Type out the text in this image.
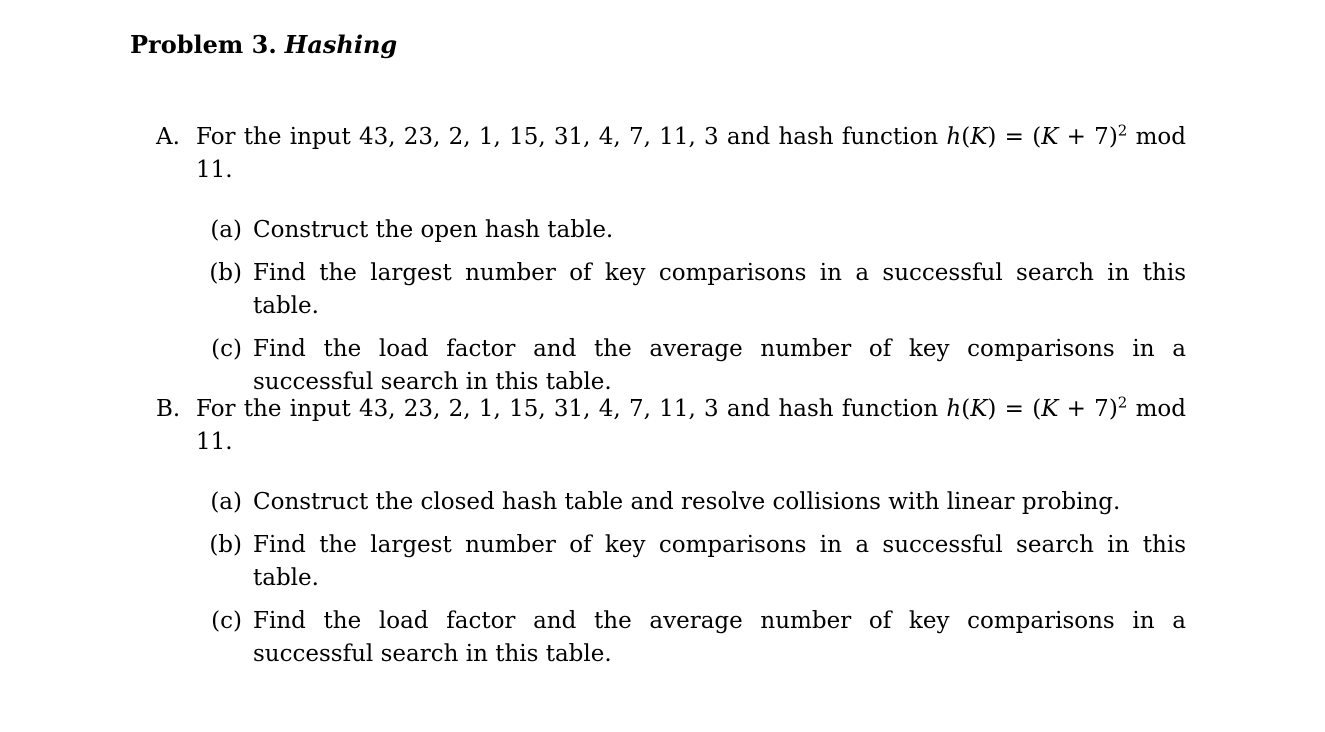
Problem 3. Hashing
A. For the input 43, 23, 2, 1, 15, 31, 4, 7, 11, 3 and hash function $h(K) = (K + 7)^2$ mod 11.
(a) Construct the open hash table.
(b) Find the largest number of key comparisons in a successful search in this table.
(c) Find the load factor and the average number of key comparisons in a successful search in this table.
B. For the input 43, 23, 2, 1, 15, 31, 4, 7, 11, 3 and hash function $h(K) = (K + 7)^2$ mod 11.
(a) Construct the closed hash table and resolve collisions with linear probing.
(b) Find the largest number of key comparisons in a successful search in this table.
(c) Find the load factor and the average number of key comparisons in a successful search in this table.
